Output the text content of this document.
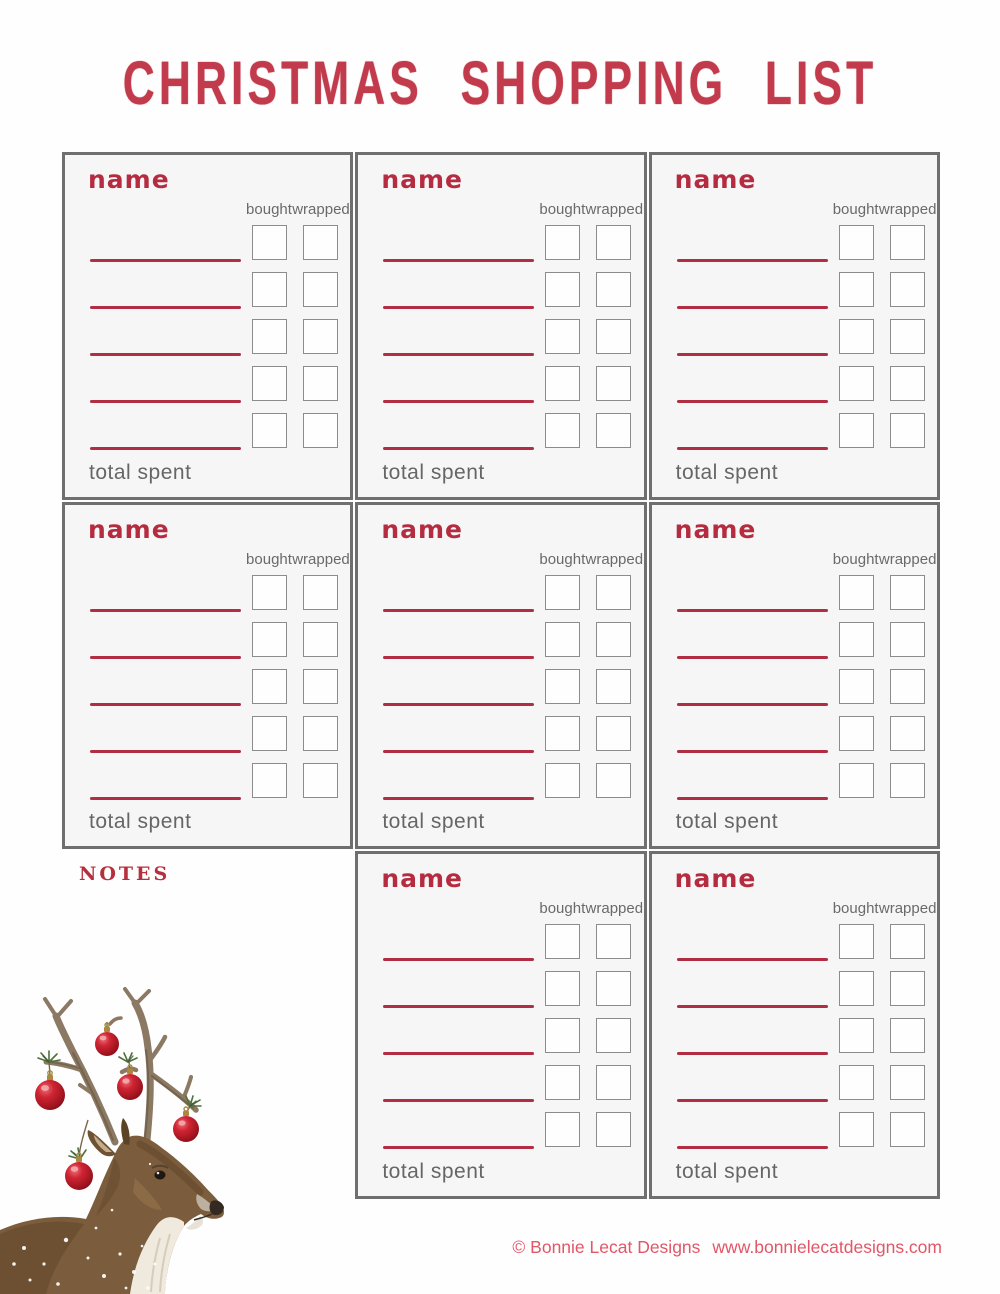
CHRISTMAS SHOPPING LIST
name
bought wrapped
total spent
name
bought wrapped
total spent
name
bought wrapped
total spent
name
bought wrapped
total spent
name
bought wrapped
total spent
name
bought wrapped
total spent
NOTES	name
bought wrapped
total spent
name
bought wrapped
total spent
© Bonnie Lecat Designs www.bonnielecatdesigns.com
